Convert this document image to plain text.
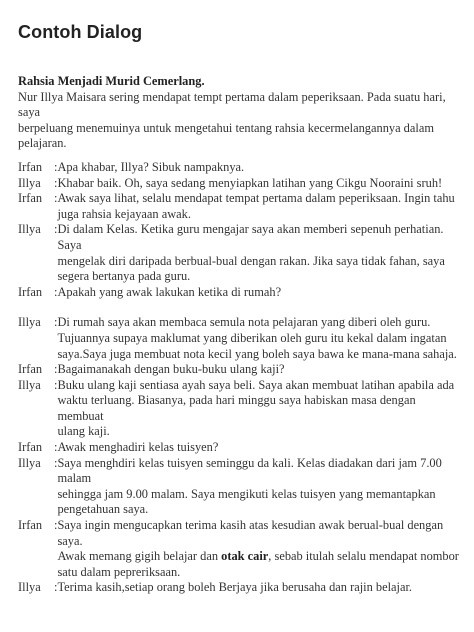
Contoh Dialog
Rahsia Menjadi Murid Cemerlang.

Nur Illya Maisara sering mendapat tempt pertama dalam peperiksaan. Pada suatu hari, saya
berpeluang menemuinya untuk mengetahui tentang rahsia kecermelangannya dalam
pelajaran.

Irfan : Apa khabar, Illya? Sibuk nampaknya.
Illya	: Khabar baik. Oh, saya sedang menyiapkan latihan yang Cikgu Nooraini sruh!
Irfan : Awak saya lihat, selalu mendapat tempat pertama dalam peperiksaan. Ingin tahu
juga rahsia kejayaan awak.
Illya	: Di dalam Kelas. Ketika guru mengajar saya akan memberi sepenuh perhatian. Saya
mengelak diri daripada berbual-bual dengan rakan. Jika saya tidak fahan, saya
segera bertanya pada guru.
Irfan : Apakah yang awak lakukan ketika di rumah?
Illya	: Di rumah saya akan membaca semula nota pelajaran yang diberi oleh guru.
Tujuannya supaya maklumat yang diberikan oleh guru itu kekal dalam ingatan
saya.Saya juga membuat nota kecil yang boleh saya bawa ke mana-mana sahaja.
Irfan : Bagaimanakah dengan buku-buku ulang kaji?
Illya	: Buku ulang kaji sentiasa ayah saya beli. Saya akan membuat latihan apabila ada
waktu terluang. Biasanya, pada hari minggu saya habiskan masa dengan membuat
ulang kaji.
Irfan : Awak menghadiri kelas tuisyen?
Illya	: Saya menghdiri kelas tuisyen seminggu da kali. Kelas diadakan dari jam 7.00 malam
sehingga jam 9.00 malam. Saya mengikuti kelas tuisyen yang memantapkan
pengetahuan saya.
Irfan : Saya ingin mengucapkan terima kasih atas kesudian awak berual-bual dengan saya.
Awak memang gigih belajar dan otak cair, sebab itulah selalu mendapat nombor
satu dalam pepreriksaan.
Illya	: Terima kasih,setiap orang boleh Berjaya jika berusaha dan rajin belajar.
